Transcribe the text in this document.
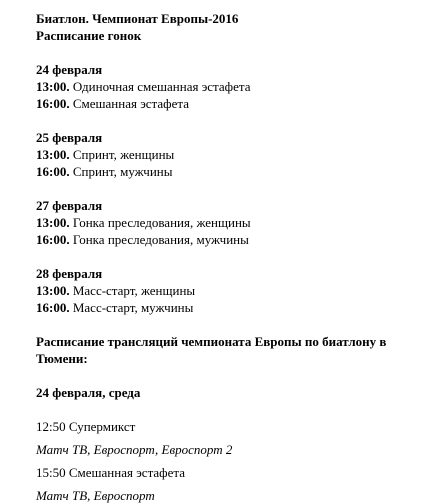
Биатлон. Чемпионат Европы-2016
Расписание гонок
24 февраля
13:00. Одиночная смешанная эстафета
16:00. Смешанная эстафета
25 февраля
13:00. Спринт, женщины
16:00. Спринт, мужчины
27 февраля
13:00. Гонка преследования, женщины
16:00. Гонка преследования, мужчины
28 февраля
13:00. Масс-старт, женщины
16:00. Масс-старт, мужчины
Расписание трансляций чемпионата Европы по биатлону в
Тюмени:
24 февраля, среда
12:50 Супермикст
Матч ТВ, Евроспорт, Евроспорт 2
15:50 Смешанная эстафета
Матч ТВ, Евроспорт
